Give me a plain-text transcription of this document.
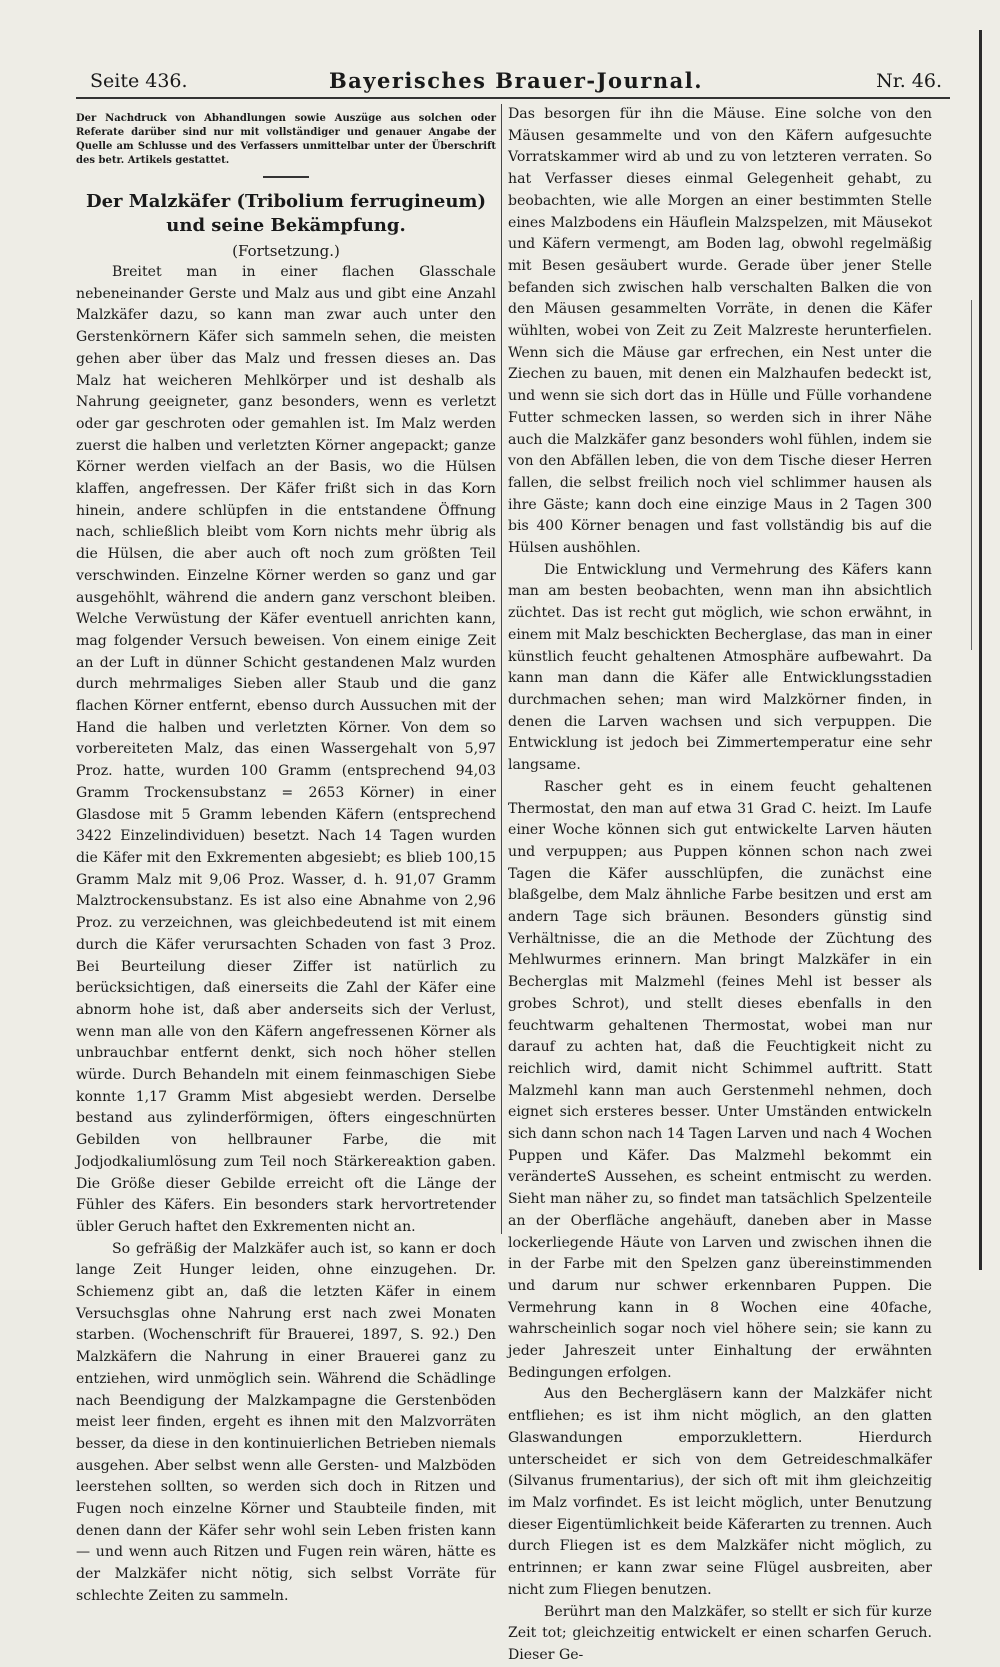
Seite 436.	Bayerisches Brauer-Journal.	Nr. 46.

Der Nachdruck von Abhandlungen sowie Auszüge aus solchen oder Referate darüber sind nur mit vollständiger und genauer Angabe der Quelle am Schlusse und des Verfassers unmittelbar unter der Überschrift des betr. Artikels gestattet.

Der Malzkäfer (Tribolium ferrugineum) und seine Bekämpfung.

(Fortsetzung.)

Breitet man in einer flachen Glasschale nebeneinander Gerste und Malz aus und gibt eine Anzahl Malzkäfer dazu, so kann man zwar auch unter den Gerstenkörnern Käfer sich sammeln sehen, die meisten gehen aber über das Malz und fressen dieses an. Das Malz hat weicheren Mehlkörper und ist deshalb als Nahrung geeigneter, ganz besonders, wenn es verletzt oder gar geschroten oder gemahlen ist. Im Malz werden zuerst die halben und verletzten Körner angepackt; ganze Körner werden vielfach an der Basis, wo die Hülsen klaffen, angefressen. Der Käfer frißt sich in das Korn hinein, andere schlüpfen in die entstandene Öffnung nach, schließlich bleibt vom Korn nichts mehr übrig als die Hülsen, die aber auch oft noch zum größten Teil verschwinden. Einzelne Körner werden so ganz und gar ausgehöhlt, während die andern ganz verschont bleiben. Welche Verwüstung der Käfer eventuell anrichten kann, mag folgender Versuch beweisen. Von einem einige Zeit an der Luft in dünner Schicht gestandenen Malz wurden durch mehrmaliges Sieben aller Staub und die ganz flachen Körner entfernt, ebenso durch Aussuchen mit der Hand die halben und verletzten Körner. Von dem so vorbereiteten Malz, das einen Wassergehalt von 5,97 Proz. hatte, wurden 100 Gramm (entsprechend 94,03 Gramm Trockensubstanz = 2653 Körner) in einer Glasdose mit 5 Gramm lebenden Käfern (entsprechend 3422 Einzelindividuen) besetzt. Nach 14 Tagen wurden die Käfer mit den Exkrementen abgesiebt; es blieb 100,15 Gramm Malz mit 9,06 Proz. Wasser, d. h. 91,07 Gramm Malztrockensubstanz. Es ist also eine Abnahme von 2,96 Proz. zu verzeichnen, was gleichbedeutend ist mit einem durch die Käfer verursachten Schaden von fast 3 Proz. Bei Beurteilung dieser Ziffer ist natürlich zu berücksichtigen, daß einerseits die Zahl der Käfer eine abnorm hohe ist, daß aber anderseits sich der Verlust, wenn man alle von den Käfern angefressenen Körner als unbrauchbar entfernt denkt, sich noch höher stellen würde. Durch Behandeln mit einem feinmaschigen Siebe konnte 1,17 Gramm Mist abgesiebt werden. Derselbe bestand aus zylinderförmigen, öfters eingeschnürten Gebilden von hellbrauner Farbe, die mit Jodjodkaliumlösung zum Teil noch Stärkereaktion gaben. Die Größe dieser Gebilde erreicht oft die Länge der Fühler des Käfers. Ein besonders stark hervortretender übler Geruch haftet den Exkrementen nicht an.

So gefräßig der Malzkäfer auch ist, so kann er doch lange Zeit Hunger leiden, ohne einzugehen. Dr. Schiemenz gibt an, daß die letzten Käfer in einem Versuchsglas ohne Nahrung erst nach zwei Monaten starben. (Wochenschrift für Brauerei, 1897, S. 92.) Den Malzkäfern die Nahrung in einer Brauerei ganz zu entziehen, wird unmöglich sein. Während die Schädlinge nach Beendigung der Malzkampagne die Gerstenböden meist leer finden, ergeht es ihnen mit den Malzvorräten besser, da diese in den kontinuierlichen Betrieben niemals ausgehen. Aber selbst wenn alle Gersten- und Malzböden leerstehen sollten, so werden sich doch in Ritzen und Fugen noch einzelne Körner und Staubteile finden, mit denen dann der Käfer sehr wohl sein Leben fristen kann — und wenn auch Ritzen und Fugen rein wären, hätte es der Malzkäfer nicht nötig, sich selbst Vorräte für schlechte Zeiten zu sammeln.

Das besorgen für ihn die Mäuse. Eine solche von den Mäusen gesammelte und von den Käfern aufgesuchte Vorratskammer wird ab und zu von letzteren verraten. So hat Verfasser dieses einmal Gelegenheit gehabt, zu beobachten, wie alle Morgen an einer bestimmten Stelle eines Malzbodens ein Häuflein Malzspelzen, mit Mäusekot und Käfern vermengt, am Boden lag, obwohl regelmäßig mit Besen gesäubert wurde. Gerade über jener Stelle befanden sich zwischen halb verschalten Balken die von den Mäusen gesammelten Vorräte, in denen die Käfer wühlten, wobei von Zeit zu Zeit Malzreste herunterfielen. Wenn sich die Mäuse gar erfrechen, ein Nest unter die Ziechen zu bauen, mit denen ein Malzhaufen bedeckt ist, und wenn sie sich dort das in Hülle und Fülle vorhandene Futter schmecken lassen, so werden sich in ihrer Nähe auch die Malzkäfer ganz besonders wohl fühlen, indem sie von den Abfällen leben, die von dem Tische dieser Herren fallen, die selbst freilich noch viel schlimmer hausen als ihre Gäste; kann doch eine einzige Maus in 2 Tagen 300 bis 400 Körner benagen und fast vollständig bis auf die Hülsen aushöhlen.

Die Entwicklung und Vermehrung des Käfers kann man am besten beobachten, wenn man ihn absichtlich züchtet. Das ist recht gut möglich, wie schon erwähnt, in einem mit Malz beschickten Becherglase, das man in einer künstlich feucht gehaltenen Atmosphäre aufbewahrt. Da kann man dann die Käfer alle Entwicklungsstadien durchmachen sehen; man wird Malzkörner finden, in denen die Larven wachsen und sich verpuppen. Die Entwicklung ist jedoch bei Zimmertemperatur eine sehr langsame.

Rascher geht es in einem feucht gehaltenen Thermostat, den man auf etwa 31 Grad C. heizt. Im Laufe einer Woche können sich gut entwickelte Larven häuten und verpuppen; aus Puppen können schon nach zwei Tagen die Käfer ausschlüpfen, die zunächst eine blaßgelbe, dem Malz ähnliche Farbe besitzen und erst am andern Tage sich bräunen. Besonders günstig sind Verhältnisse, die an die Methode der Züchtung des Mehlwurmes erinnern. Man bringt Malzkäfer in ein Becherglas mit Malzmehl (feines Mehl ist besser als grobes Schrot), und stellt dieses ebenfalls in den feuchtwarm gehaltenen Thermostat, wobei man nur darauf zu achten hat, daß die Feuchtigkeit nicht zu reichlich wird, damit nicht Schimmel auftritt. Statt Malzmehl kann man auch Gerstenmehl nehmen, doch eignet sich ersteres besser. Unter Umständen entwickeln sich dann schon nach 14 Tagen Larven und nach 4 Wochen Puppen und Käfer. Das Malzmehl bekommt ein veränderteS Aussehen, es scheint entmischt zu werden. Sieht man näher zu, so findet man tatsächlich Spelzenteile an der Oberfläche angehäuft, daneben aber in Masse lockerliegende Häute von Larven und zwischen ihnen die in der Farbe mit den Spelzen ganz übereinstimmenden und darum nur schwer erkennbaren Puppen. Die Vermehrung kann in 8 Wochen eine 40fache, wahrscheinlich sogar noch viel höhere sein; sie kann zu jeder Jahreszeit unter Einhaltung der erwähnten Bedingungen erfolgen.

Aus den Bechergläsern kann der Malzkäfer nicht entfliehen; es ist ihm nicht möglich, an den glatten Glaswandungen emporzuklettern. Hierdurch unterscheidet er sich von dem Getreideschmalkäfer (Silvanus frumentarius), der sich oft mit ihm gleichzeitig im Malz vorfindet. Es ist leicht möglich, unter Benutzung dieser Eigentümlichkeit beide Käferarten zu trennen. Auch durch Fliegen ist es dem Malzkäfer nicht möglich, zu entrinnen; er kann zwar seine Flügel ausbreiten, aber nicht zum Fliegen benutzen.

Berührt man den Malzkäfer, so stellt er sich für kurze Zeit tot; gleichzeitig entwickelt er einen scharfen Geruch. Dieser Ge-
